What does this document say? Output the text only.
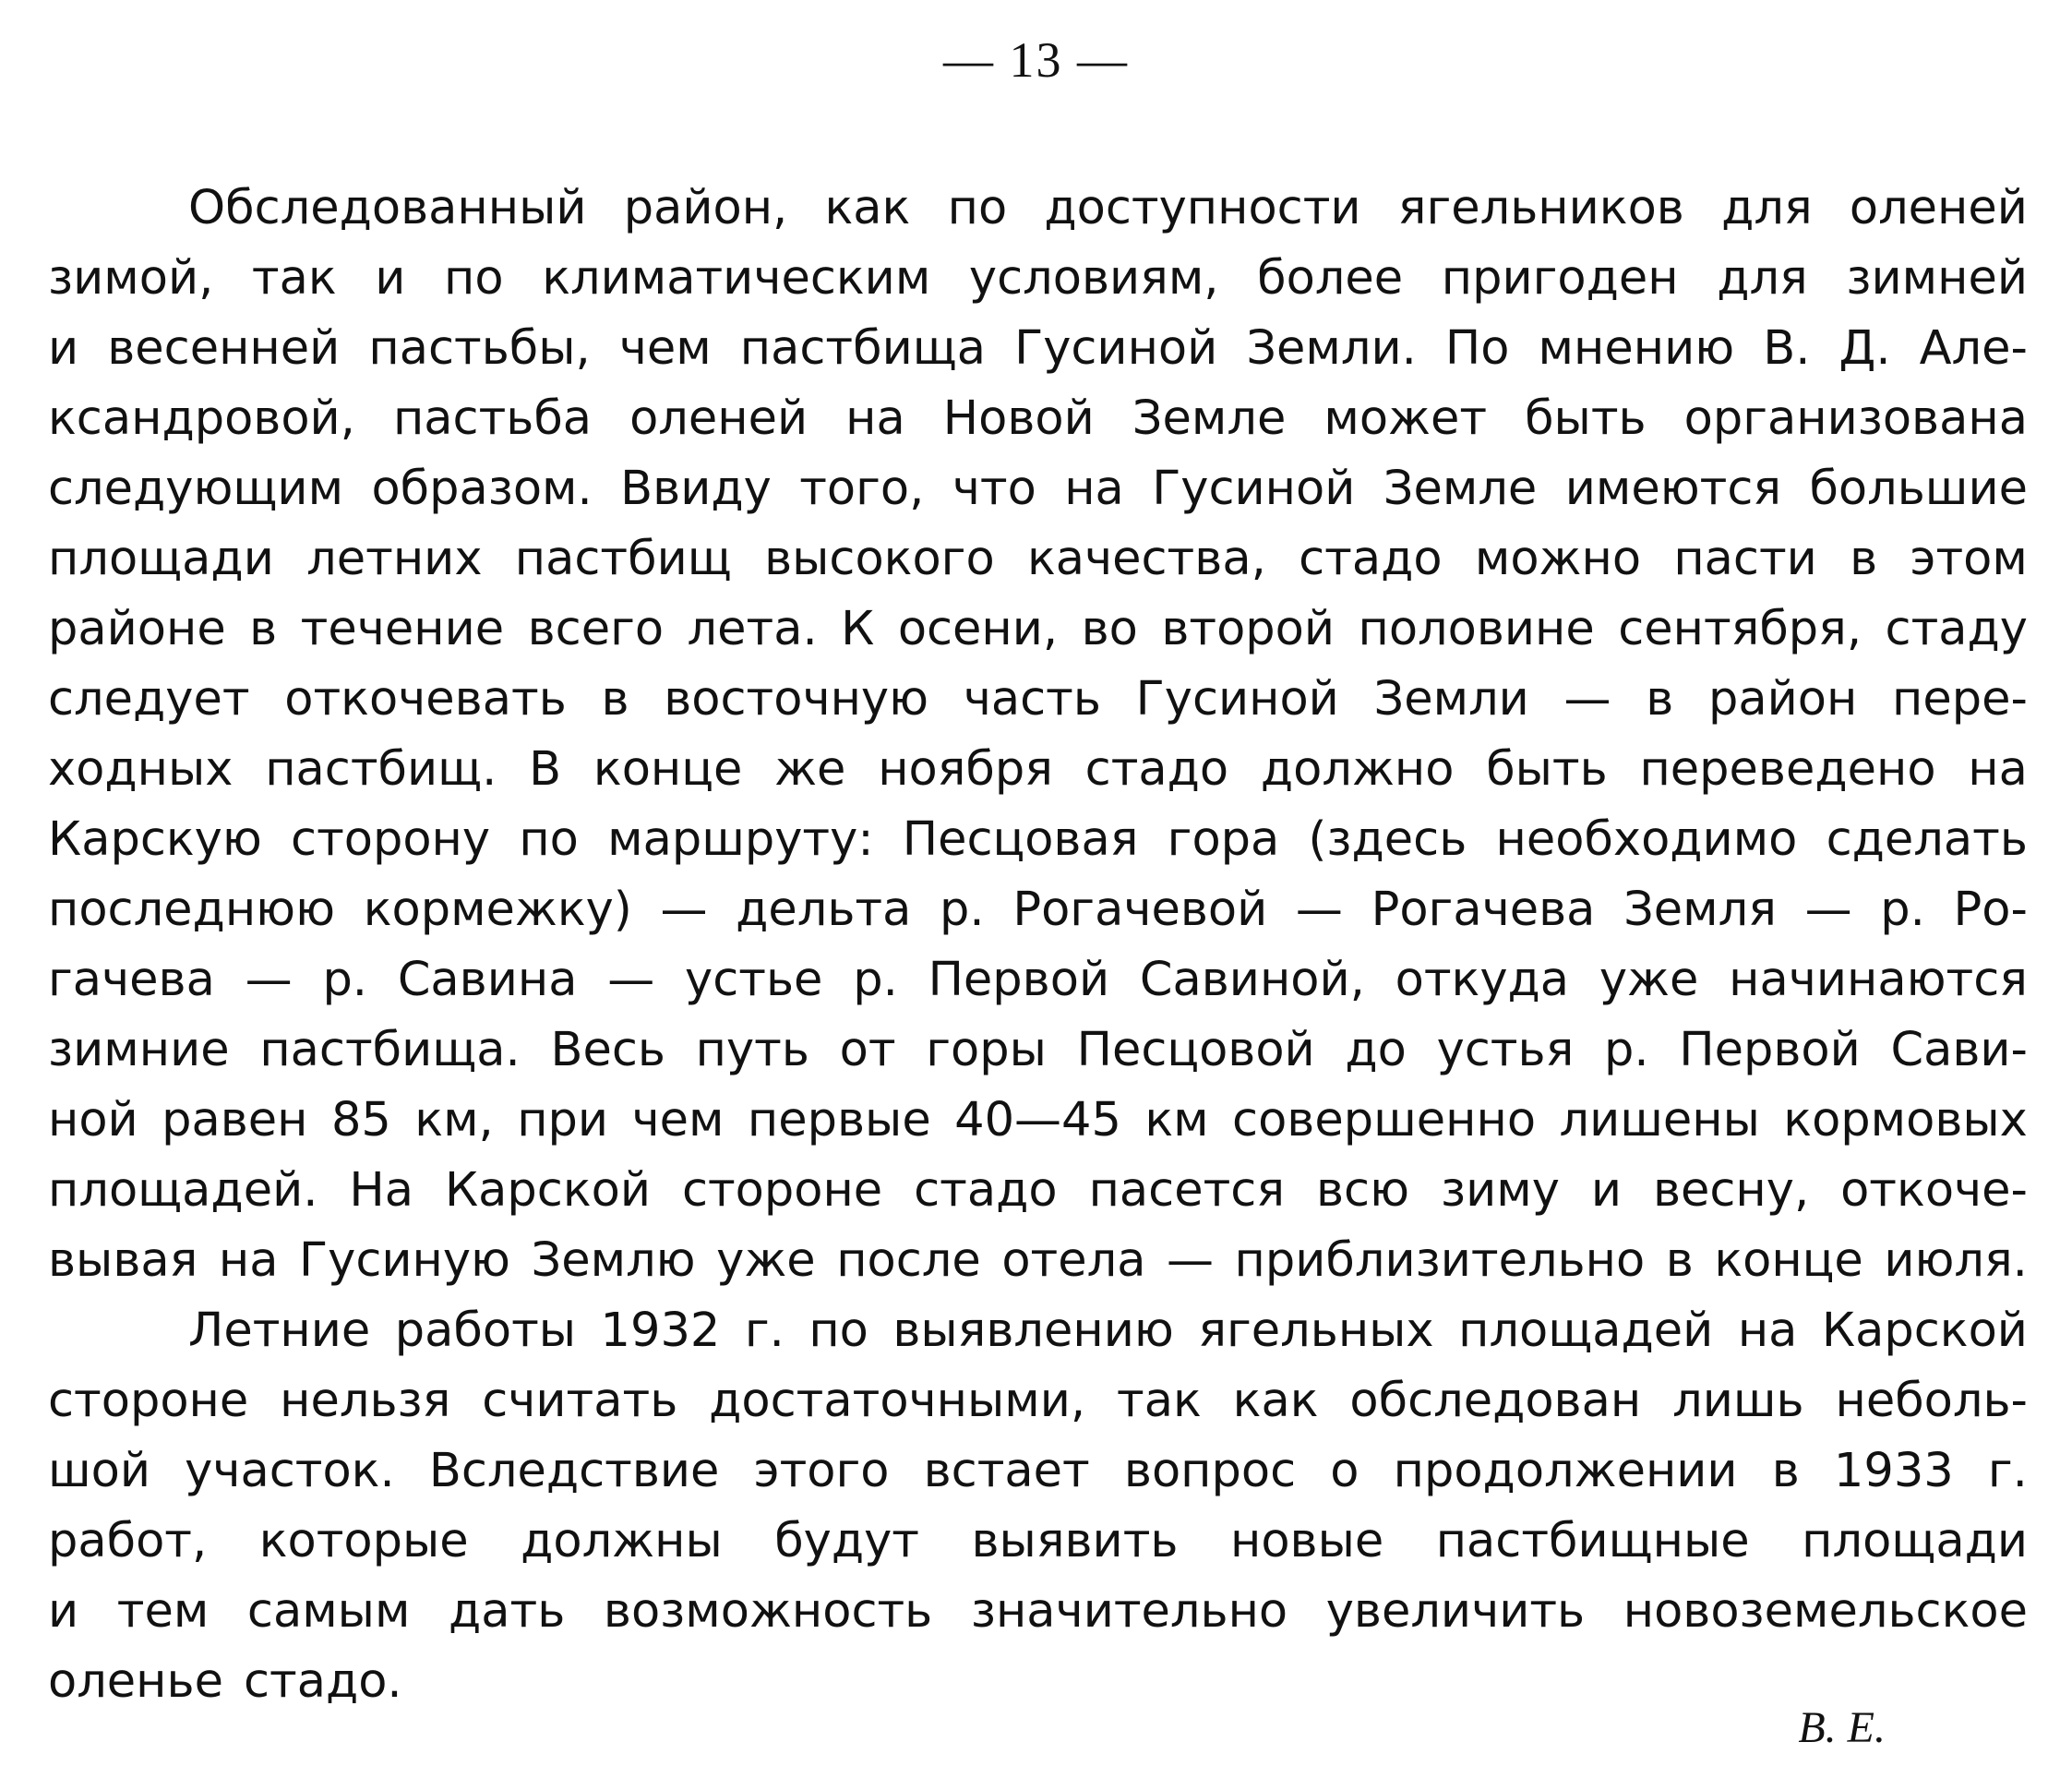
— 13 —
Обследованный район, как по доступности ягельников для оленей
зимой, так и по климатическим условиям, более пригоден для зимней
и весенней пастьбы, чем пастбища Гусиной Земли. По мнению В. Д. Але-
ксандровой, пастьба оленей на Новой Земле может быть организована
следующим образом. Ввиду того, что на Гусиной Земле имеются большие
площади летних пастбищ высокого качества, стадо можно пасти в этом
районе в течение всего лета. К осени, во второй половине сентября, стаду
следует откочевать в восточную часть Гусиной Земли — в район пере-
ходных пастбищ. В конце же ноября стадо должно быть переведено на
Карскую сторону по маршруту: Песцовая гора (здесь необходимо сделать
последнюю кормежку) — дельта р. Рогачевой — Рогачева Земля — р. Ро-
гачева — р. Савина — устье р. Первой Савиной, откуда уже начинаются
зимние пастбища. Весь путь от горы Песцовой до устья р. Первой Сави-
ной равен 85 км, при чем первые 40—45 км совершенно лишены кормовых
площадей. На Карской стороне стадо пасется всю зиму и весну, откоче-
вывая на Гусиную Землю уже после отела — приблизительно в конце июля.
Летние работы 1932 г. по выявлению ягельных площадей на Карской
стороне нельзя считать достаточными, так как обследован лишь неболь-
шой участок. Вследствие этого встает вопрос о продолжении в 1933 г.
работ, которые должны будут выявить новые пастбищные площади
и тем самым дать возможность значительно увеличить новоземельское
оленье стадо.
В. Е.
